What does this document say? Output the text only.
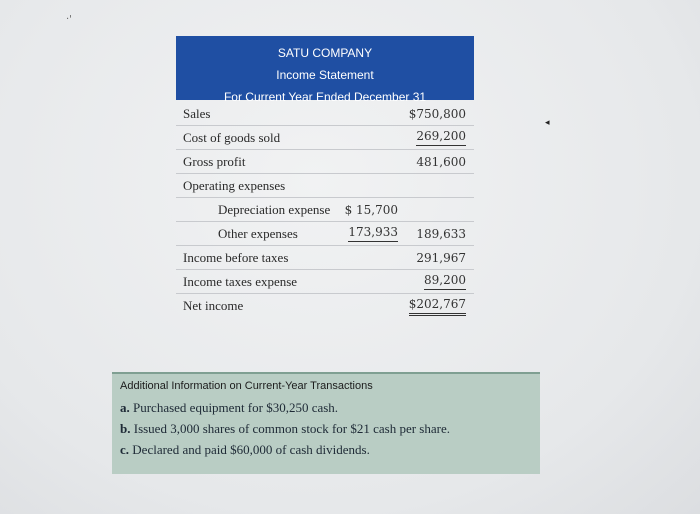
·'
◂
SATU COMPANY
Income Statement
For Current Year Ended December 31
Sales	$750,800
Cost of goods sold	269,200
Gross profit	481,600
Operating expenses
Depreciation expense $ 15,700
Other expenses	173,933 189,633
Income before taxes	291,967
Income taxes expense	89,200
Net income	$202,767
Additional Information on Current-Year Transactions
a. Purchased equipment for $30,250 cash.
b. Issued 3,000 shares of common stock for $21 cash per share.
c. Declared and paid $60,000 of cash dividends.
